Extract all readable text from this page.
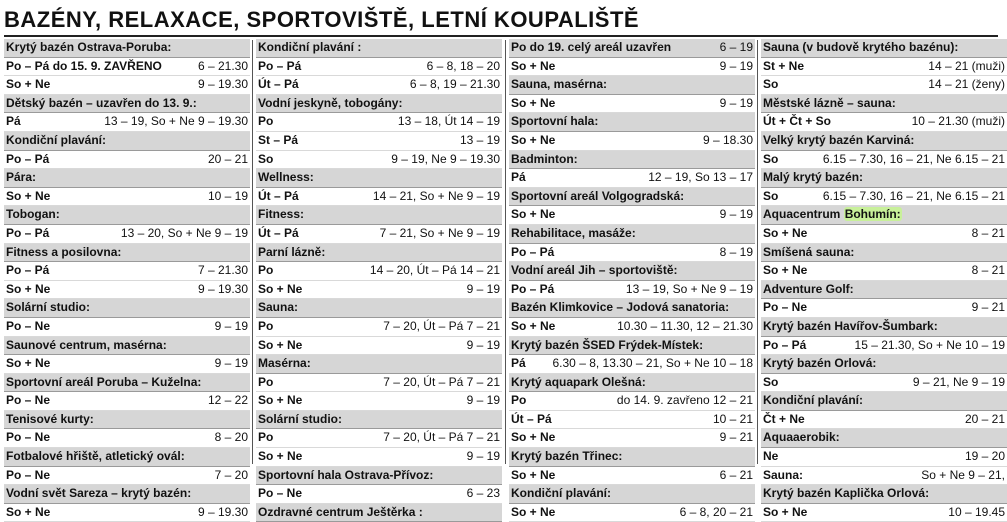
BAZÉNY, RELAXACE, SPORTOVIŠTĚ, LETNÍ KOUPALIŠTĚ
Krytý bazén Ostrava-Poruba:
Po – Pá do 15. 9. ZAVŘENO	6 – 21.30
So + Ne	9 – 19.30
Dětský bazén – uzavřen do 13. 9.:
Pá	13 – 19, So + Ne 9 – 19.30
Kondiční plavání:
Po – Pá	20 – 21
Pára:
So + Ne	10 – 19
Tobogan:
Po – Pá	13 – 20, So + Ne 9 – 19
Fitness a posilovna:
Po – Pá	7 – 21.30
So + Ne	9 – 19.30
Solární studio:
Po – Ne	9 – 19
Saunové centrum, masérna:
So + Ne	9 – 19
Sportovní areál Poruba – Kuželna:
Po – Ne	12 – 22
Tenisové kurty:
Po – Ne	8 – 20
Fotbalové hřiště, atletický ovál:
Po – Ne	7 – 20
Vodní svět Sareza – krytý bazén:
So + Ne	9 – 19.30
Kondiční plavání :
Po – Pá	6 – 8, 18 – 20
Út – Pá	6 – 8, 19 – 21.30
Vodní jeskyně, tobogány:
Po	13 – 18, Út 14 – 19
St – Pá	13 – 19
So	9 – 19, Ne 9 – 19.30
Wellness:
Út – Pá	14 – 21, So + Ne 9 – 19
Fitness:
Út – Pá	7 – 21, So + Ne 9 – 19
Parní lázně:
Po	14 – 20, Út – Pá 14 – 21
So + Ne	9 – 19
Sauna:
Po	7 – 20, Út – Pá 7 – 21
So + Ne	9 – 19
Masérna:
Po	7 – 20, Út – Pá 7 – 21
So + Ne	9 – 19
Solární studio:
Po	7 – 20, Út – Pá 7 – 21
So + Ne	9 – 19
Sportovní hala Ostrava-Přívoz:
Po – Ne	6 – 23
Ozdravné centrum Ještěrka :
Po do 19. celý areál uzavřen	6 – 19
So + Ne	9 – 19
Sauna, masérna:
So + Ne	9 – 19
Sportovní hala:
So + Ne	9 – 18.30
Badminton:
Pá	12 – 19, So 13 – 17
Sportovní areál Volgogradská:
So + Ne	9 – 19
Rehabilitace, masáže:
Po – Pá	8 – 19
Vodní areál Jih – sportoviště:
Po – Pá	13 – 19, So + Ne 9 – 19
Bazén Klimkovice – Jodová sanatoria:
So + Ne	10.30 – 11.30, 12 – 21.30
Krytý bazén ŠSED Frýdek-Místek:
Pá 6.30 – 8, 13.30 – 21, So + Ne 10 – 18
Krytý aquapark Olešná:
Po	do 14. 9. zavřeno 12 – 21
Út – Pá	10 – 21
So + Ne	9 – 21
Krytý bazén Třinec:
So + Ne	6 – 21
Kondiční plavání:
So + Ne	6 – 8, 20 – 21
Sauna (v budově krytého bazénu):
St + Ne	14 – 21 (muži)
So	14 – 21 (ženy)
Městské lázně – sauna:
Út + Čt + So	10 – 21.30 (muži)
Velký krytý bazén Karviná:
So	6.15 – 7.30, 16 – 21, Ne 6.15 – 21
Malý krytý bazén:
So	6.15 – 7.30, 16 – 21, Ne 6.15 – 21
Aquacentrum Bohumín:
So + Ne	8 – 21
Smíšená sauna:
So + Ne	8 – 21
Adventure Golf:
Po – Ne	9 – 21
Krytý bazén Havířov-Šumbark:
Po – Pá	15 – 21.30, So + Ne 10 – 19
Krytý bazén Orlová:
So	9 – 21, Ne 9 – 19
Kondiční plavání:
Čt + Ne	20 – 21
Aquaaerobik:
Ne	19 – 20
Sauna:	So + Ne 9 – 21,
Krytý bazén Kaplička Orlová:
So + Ne	10 – 19.45
